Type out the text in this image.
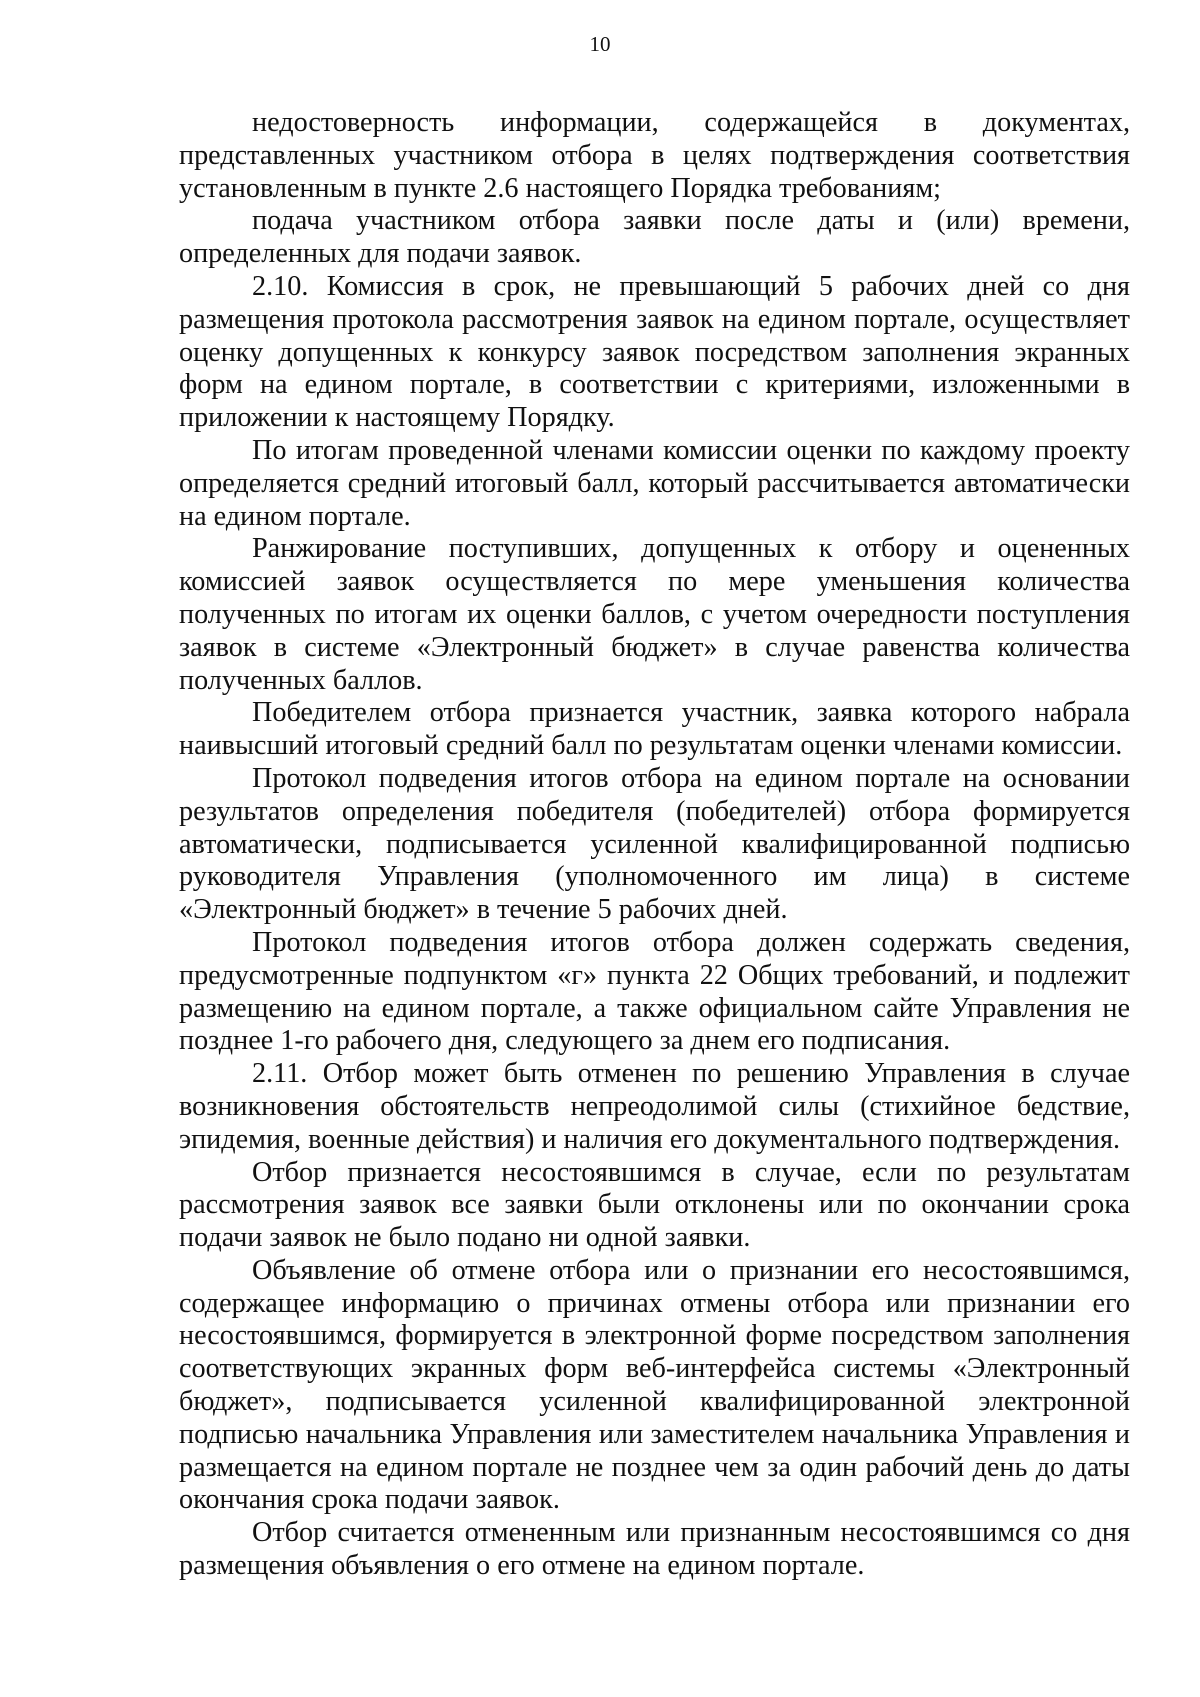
10

недостоверность информации, содержащейся в документах, представленных участником отбора в целях подтверждения соответствия установленным в пункте 2.6 настоящего Порядка требованиям;

подача участником отбора заявки после даты и (или) времени, определенных для подачи заявок.

2.10. Комиссия в срок, не превышающий 5 рабочих дней со дня размещения протокола рассмотрения заявок на едином портале, осуществляет оценку допущенных к конкурсу заявок посредством заполнения экранных форм на едином портале, в соответствии с критериями, изложенными в приложении к настоящему Порядку.

По итогам проведенной членами комиссии оценки по каждому проекту определяется средний итоговый балл, который рассчитывается автоматически на едином портале.

Ранжирование поступивших, допущенных к отбору и оцененных комиссией заявок осуществляется по мере уменьшения количества полученных по итогам их оценки баллов, с учетом очередности поступления заявок в системе «Электронный бюджет» в случае равенства количества полученных баллов.

Победителем отбора признается участник, заявка которого набрала наивысший итоговый средний балл по результатам оценки членами комиссии.

Протокол подведения итогов отбора на едином портале на основании результатов определения победителя (победителей) отбора формируется автоматически, подписывается усиленной квалифицированной подписью руководителя Управления (уполномоченного им лица) в системе «Электронный бюджет» в течение 5 рабочих дней.

Протокол подведения итогов отбора должен содержать сведения, предусмотренные подпунктом «г» пункта 22 Общих требований, и подлежит размещению на едином портале, а также официальном сайте Управления не позднее 1-го рабочего дня, следующего за днем его подписания.

2.11. Отбор может быть отменен по решению Управления в случае возникновения обстоятельств непреодолимой силы (стихийное бедствие, эпидемия, военные действия) и наличия его документального подтверждения.

Отбор признается несостоявшимся в случае, если по результатам рассмотрения заявок все заявки были отклонены или по окончании срока подачи заявок не было подано ни одной заявки.

Объявление об отмене отбора или о признании его несостоявшимся, содержащее информацию о причинах отмены отбора или признании его несостоявшимся, формируется в электронной форме посредством заполнения соответствующих экранных форм веб-интерфейса системы «Электронный бюджет», подписывается усиленной квалифицированной электронной подписью начальника Управления или заместителем начальника Управления и размещается на едином портале не позднее чем за один рабочий день до даты окончания срока подачи заявок.

Отбор считается отмененным или признанным несостоявшимся со дня размещения объявления о его отмене на едином портале.
